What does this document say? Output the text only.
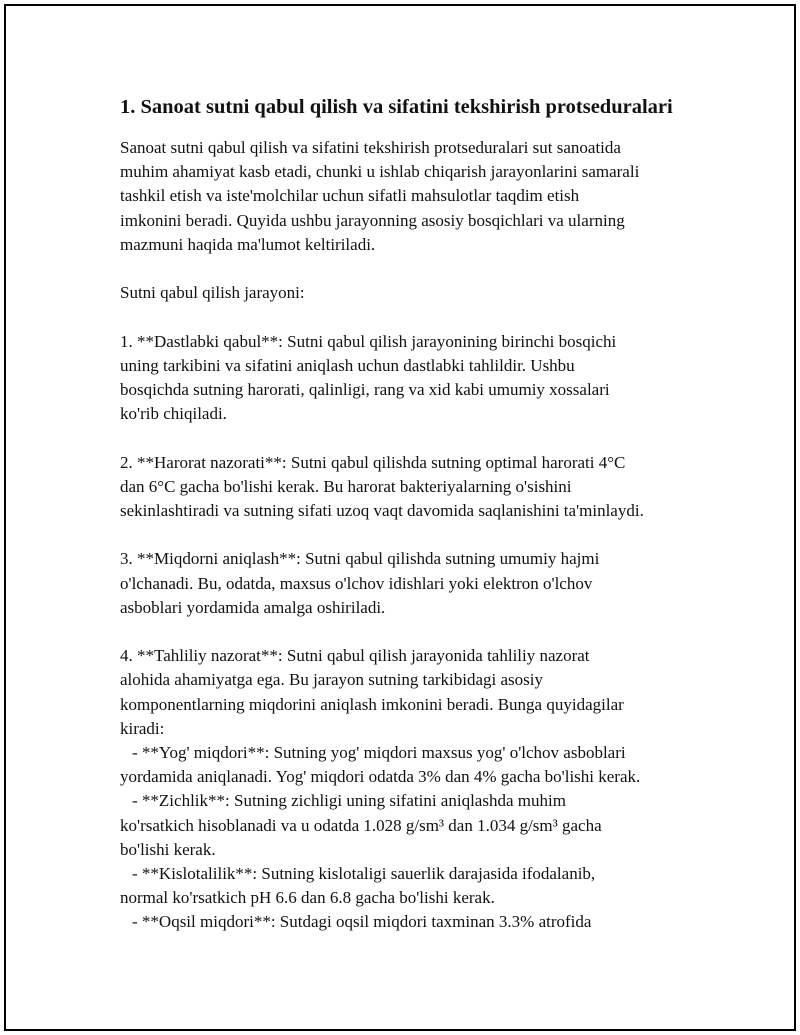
1. Sanoat sutni qabul qilish va sifatini tekshirish protseduralari
Sanoat sutni qabul qilish va sifatini tekshirish protseduralari sut sanoatida
muhim ahamiyat kasb etadi, chunki u ishlab chiqarish jarayonlarini samarali
tashkil etish va iste'molchilar uchun sifatli mahsulotlar taqdim etish
imkonini beradi. Quyida ushbu jarayonning asosiy bosqichlari va ularning
mazmuni haqida ma'lumot keltiriladi.
Sutni qabul qilish jarayoni:
1. **Dastlabki qabul**: Sutni qabul qilish jarayonining birinchi bosqichi
uning tarkibini va sifatini aniqlash uchun dastlabki tahlildir. Ushbu
bosqichda sutning harorati, qalinligi, rang va xid kabi umumiy xossalari
ko'rib chiqiladi.
2. **Harorat nazorati**: Sutni qabul qilishda sutning optimal harorati 4°C
dan 6°C gacha bo'lishi kerak. Bu harorat bakteriyalarning o'sishini
sekinlashtiradi va sutning sifati uzoq vaqt davomida saqlanishini ta'minlaydi.
3. **Miqdorni aniqlash**: Sutni qabul qilishda sutning umumiy hajmi
o'lchanadi. Bu, odatda, maxsus o'lchov idishlari yoki elektron o'lchov
asboblari yordamida amalga oshiriladi.
4. **Tahliliy nazorat**: Sutni qabul qilish jarayonida tahliliy nazorat
alohida ahamiyatga ega. Bu jarayon sutning tarkibidagi asosiy
komponentlarning miqdorini aniqlash imkonini beradi. Bunga quyidagilar
kiradi:
- **Yog' miqdori**: Sutning yog' miqdori maxsus yog' o'lchov asboblari
yordamida aniqlanadi. Yog' miqdori odatda 3% dan 4% gacha bo'lishi kerak.
- **Zichlik**: Sutning zichligi uning sifatini aniqlashda muhim
ko'rsatkich hisoblanadi va u odatda 1.028 g/sm³ dan 1.034 g/sm³ gacha
bo'lishi kerak.
- **Kislotalilik**: Sutning kislotaligi sauerlik darajasida ifodalanib,
normal ko'rsatkich pH 6.6 dan 6.8 gacha bo'lishi kerak.
- **Oqsil miqdori**: Sutdagi oqsil miqdori taxminan 3.3% atrofida
